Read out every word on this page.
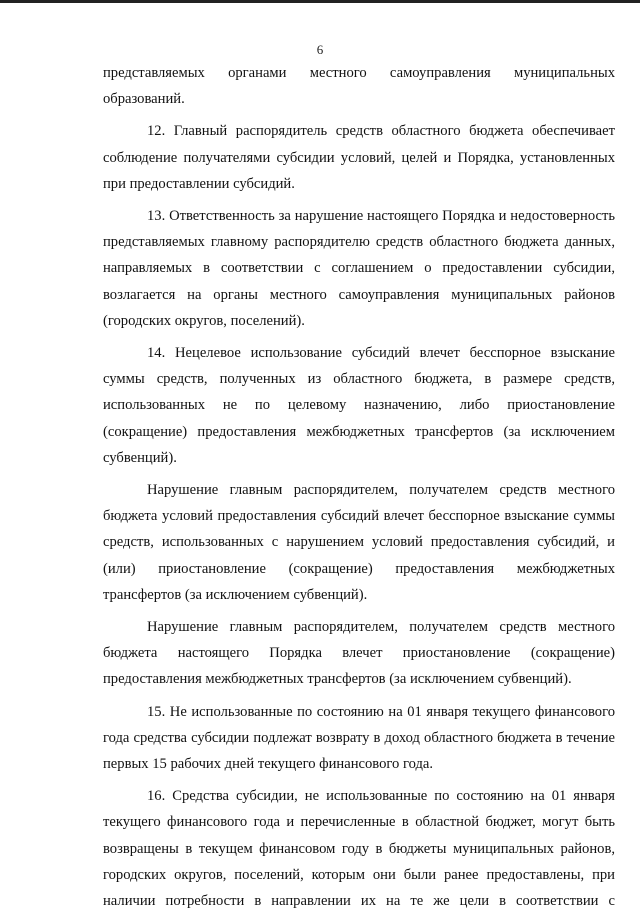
6

представляемых органами местного самоуправления муниципальных образований.

12. Главный распорядитель средств областного бюджета обеспечивает соблюдение получателями субсидии условий, целей и Порядка, установленных при предоставлении субсидий.

13. Ответственность за нарушение настоящего Порядка и недостоверность представляемых главному распорядителю средств областного бюджета данных, направляемых в соответствии с соглашением о предоставлении субсидии, возлагается на органы местного самоуправления муниципальных районов (городских округов, поселений).

14. Нецелевое использование субсидий влечет бесспорное взыскание суммы средств, полученных из областного бюджета, в размере средств, использованных не по целевому назначению, либо приостановление (сокращение) предоставления межбюджетных трансфертов (за исключением субвенций).

Нарушение главным распорядителем, получателем средств местного бюджета условий предоставления субсидий влечет бесспорное взыскание суммы средств, использованных с нарушением условий предоставления субсидий, и (или) приостановление (сокращение) предоставления межбюджетных трансфертов (за исключением субвенций).

Нарушение главным распорядителем, получателем средств местного бюджета настоящего Порядка влечет приостановление (сокращение) предоставления межбюджетных трансфертов (за исключением субвенций).

15. Не использованные по состоянию на 01 января текущего финансового года средства субсидии подлежат возврату в доход областного бюджета в течение первых 15 рабочих дней текущего финансового года.

16. Средства субсидии, не использованные по состоянию на 01 января текущего финансового года и перечисленные в областной бюджет, могут быть возвращены в текущем финансовом году в бюджеты муниципальных районов, городских округов, поселений, которым они были ранее предоставлены, при наличии потребности в направлении их на те же цели в соответствии с
